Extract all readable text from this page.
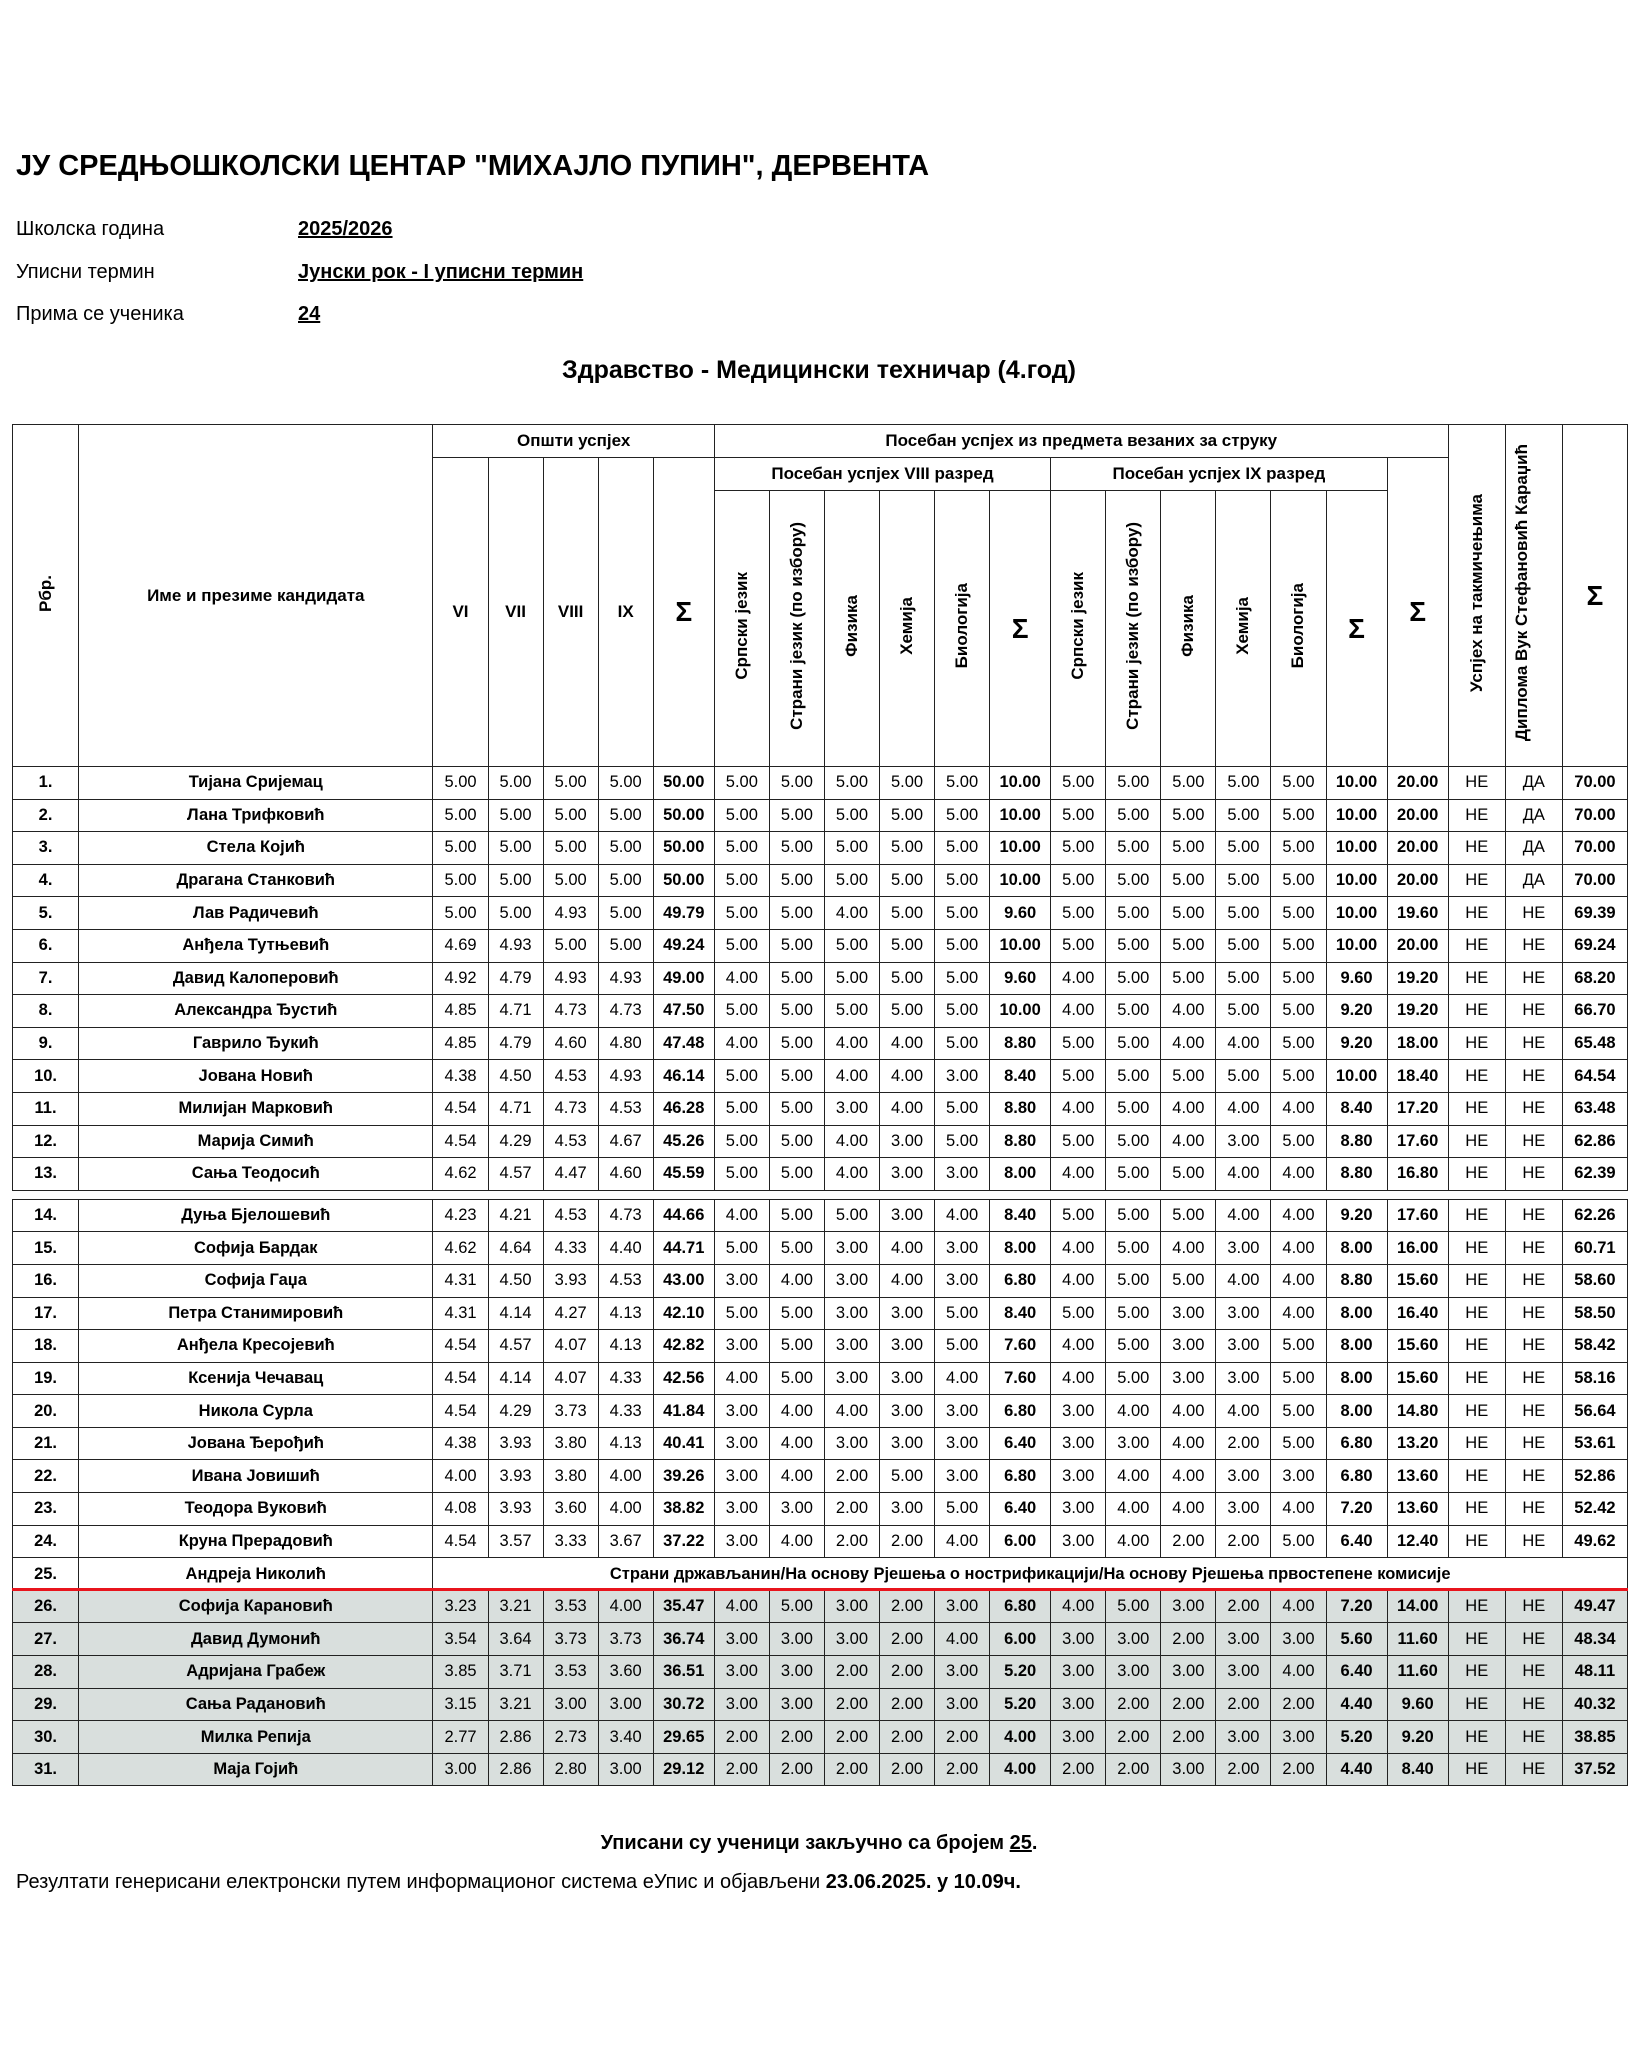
ЈУ СРЕДЊОШКОЛСКИ ЦЕНТАР "МИХАЈЛО ПУПИН", ДЕРВЕНТА
Школска година	2025/2026
Уписни термин	Јунски рок - I уписни термин
Прима се ученика	24
Здравство - Медицински техничар (4.год)
Рбр.	Име и презиме кандидата	Општи успјех					Посебан успјех из предмета везаних за струку													Успјех на такмичењима	Диплома Вук Стефановић Караџић	Σ
		VI	VII	VIII	IX	Σ	Посебан успјех VIII разред						Посебан успјех IX разред						Σ			
							Српски језик	Страни језик (по избору)	Физика	Хемија	Биологија	Σ	Српски језик	Страни језик (по избору)	Физика	Хемија	Биологија	Σ				
1.	Тијана Сријемац	5.00	5.00	5.00	5.00	50.00	5.00	5.00	5.00	5.00	5.00	10.00	5.00	5.00	5.00	5.00	5.00	10.00	20.00	НЕ	ДА	70.00
2.	Лана Трифковић	5.00	5.00	5.00	5.00	50.00	5.00	5.00	5.00	5.00	5.00	10.00	5.00	5.00	5.00	5.00	5.00	10.00	20.00	НЕ	ДА	70.00
3.	Стела Којић	5.00	5.00	5.00	5.00	50.00	5.00	5.00	5.00	5.00	5.00	10.00	5.00	5.00	5.00	5.00	5.00	10.00	20.00	НЕ	ДА	70.00
4.	Драгана Станковић	5.00	5.00	5.00	5.00	50.00	5.00	5.00	5.00	5.00	5.00	10.00	5.00	5.00	5.00	5.00	5.00	10.00	20.00	НЕ	ДА	70.00
5.	Лав Радичевић	5.00	5.00	4.93	5.00	49.79	5.00	5.00	4.00	5.00	5.00	9.60	5.00	5.00	5.00	5.00	5.00	10.00	19.60	НЕ	НЕ	69.39
6.	Анђела Тутњевић	4.69	4.93	5.00	5.00	49.24	5.00	5.00	5.00	5.00	5.00	10.00	5.00	5.00	5.00	5.00	5.00	10.00	20.00	НЕ	НЕ	69.24
7.	Давид Калоперовић	4.92	4.79	4.93	4.93	49.00	4.00	5.00	5.00	5.00	5.00	9.60	4.00	5.00	5.00	5.00	5.00	9.60	19.20	НЕ	НЕ	68.20
8.	Александра Ђустић	4.85	4.71	4.73	4.73	47.50	5.00	5.00	5.00	5.00	5.00	10.00	4.00	5.00	4.00	5.00	5.00	9.20	19.20	НЕ	НЕ	66.70
9.	Гаврило Ђукић	4.85	4.79	4.60	4.80	47.48	4.00	5.00	4.00	4.00	5.00	8.80	5.00	5.00	4.00	4.00	5.00	9.20	18.00	НЕ	НЕ	65.48
10.	Јована Новић	4.38	4.50	4.53	4.93	46.14	5.00	5.00	4.00	4.00	3.00	8.40	5.00	5.00	5.00	5.00	5.00	10.00	18.40	НЕ	НЕ	64.54
11.	Милијан Марковић	4.54	4.71	4.73	4.53	46.28	5.00	5.00	3.00	4.00	5.00	8.80	4.00	5.00	4.00	4.00	4.00	8.40	17.20	НЕ	НЕ	63.48
12.	Марија Симић	4.54	4.29	4.53	4.67	45.26	5.00	5.00	4.00	3.00	5.00	8.80	5.00	5.00	4.00	3.00	5.00	8.80	17.60	НЕ	НЕ	62.86
13.	Сања Теодосић	4.62	4.57	4.47	4.60	45.59	5.00	5.00	4.00	3.00	3.00	8.00	4.00	5.00	5.00	4.00	4.00	8.80	16.80	НЕ	НЕ	62.39

14.	Дуња Бјелошевић	4.23	4.21	4.53	4.73	44.66	4.00	5.00	5.00	3.00	4.00	8.40	5.00	5.00	5.00	4.00	4.00	9.20	17.60	НЕ	НЕ	62.26
15.	Софија Бардак	4.62	4.64	4.33	4.40	44.71	5.00	5.00	3.00	4.00	3.00	8.00	4.00	5.00	4.00	3.00	4.00	8.00	16.00	НЕ	НЕ	60.71
16.	Софија Гаџа	4.31	4.50	3.93	4.53	43.00	3.00	4.00	3.00	4.00	3.00	6.80	4.00	5.00	5.00	4.00	4.00	8.80	15.60	НЕ	НЕ	58.60
17.	Петра Станимировић	4.31	4.14	4.27	4.13	42.10	5.00	5.00	3.00	3.00	5.00	8.40	5.00	5.00	3.00	3.00	4.00	8.00	16.40	НЕ	НЕ	58.50
18.	Анђела Кресојевић	4.54	4.57	4.07	4.13	42.82	3.00	5.00	3.00	3.00	5.00	7.60	4.00	5.00	3.00	3.00	5.00	8.00	15.60	НЕ	НЕ	58.42
19.	Ксенија Чечавац	4.54	4.14	4.07	4.33	42.56	4.00	5.00	3.00	3.00	4.00	7.60	4.00	5.00	3.00	3.00	5.00	8.00	15.60	НЕ	НЕ	58.16
20.	Никола Сурла	4.54	4.29	3.73	4.33	41.84	3.00	4.00	4.00	3.00	3.00	6.80	3.00	4.00	4.00	4.00	5.00	8.00	14.80	НЕ	НЕ	56.64
21.	Јована Ђерођић	4.38	3.93	3.80	4.13	40.41	3.00	4.00	3.00	3.00	3.00	6.40	3.00	3.00	4.00	2.00	5.00	6.80	13.20	НЕ	НЕ	53.61
22.	Ивана Јовишић	4.00	3.93	3.80	4.00	39.26	3.00	4.00	2.00	5.00	3.00	6.80	3.00	4.00	4.00	3.00	3.00	6.80	13.60	НЕ	НЕ	52.86
23.	Теодора Вуковић	4.08	3.93	3.60	4.00	38.82	3.00	3.00	2.00	3.00	5.00	6.40	3.00	4.00	4.00	3.00	4.00	7.20	13.60	НЕ	НЕ	52.42
24.	Круна Прерадовић	4.54	3.57	3.33	3.67	37.22	3.00	4.00	2.00	2.00	4.00	6.00	3.00	4.00	2.00	2.00	5.00	6.40	12.40	НЕ	НЕ	49.62
25.	Андреја Николић	Страни држављанин/На основу Рјешења о нострификацији/На основу Рјешења првостепене комисије																				
26.	Софија Карановић	3.23	3.21	3.53	4.00	35.47	4.00	5.00	3.00	2.00	3.00	6.80	4.00	5.00	3.00	2.00	4.00	7.20	14.00	НЕ	НЕ	49.47
27.	Давид Думонић	3.54	3.64	3.73	3.73	36.74	3.00	3.00	3.00	2.00	4.00	6.00	3.00	3.00	2.00	3.00	3.00	5.60	11.60	НЕ	НЕ	48.34
28.	Адријана Грабеж	3.85	3.71	3.53	3.60	36.51	3.00	3.00	2.00	2.00	3.00	5.20	3.00	3.00	3.00	3.00	4.00	6.40	11.60	НЕ	НЕ	48.11
29.	Сања Радановић	3.15	3.21	3.00	3.00	30.72	3.00	3.00	2.00	2.00	3.00	5.20	3.00	2.00	2.00	2.00	2.00	4.40	9.60	НЕ	НЕ	40.32
30.	Милка Репија	2.77	2.86	2.73	3.40	29.65	2.00	2.00	2.00	2.00	2.00	4.00	3.00	2.00	2.00	3.00	3.00	5.20	9.20	НЕ	НЕ	38.85
31.	Маја Гојић	3.00	2.86	2.80	3.00	29.12	2.00	2.00	2.00	2.00	2.00	4.00	2.00	2.00	3.00	2.00	2.00	4.40	8.40	НЕ	НЕ	37.52
Уписани су ученици закључно са бројем 25.
Резултати генерисани електронски путем информационог система еУпис и објављени 23.06.2025. у 10.09ч.
